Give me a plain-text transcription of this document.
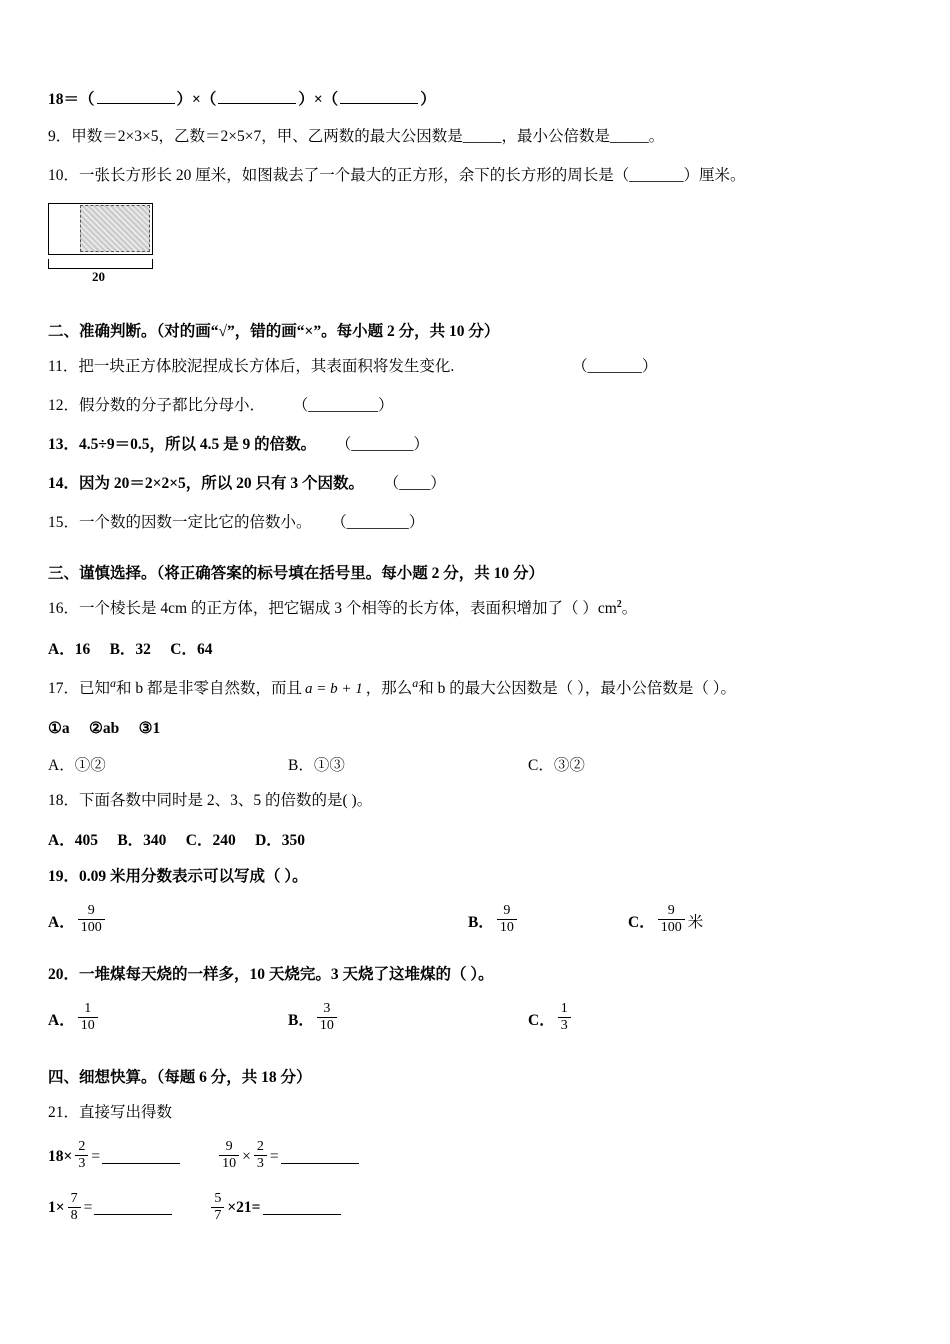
18＝（	）×（	）×（	）
9．甲数＝2×3×5，乙数＝2×5×7，甲、乙两数的最大公因数是_____，最小公倍数是_____。
10．一张长方形长 20 厘米，如图裁去了一个最大的正方形，余下的长方形的周长是（_______）厘米。
20
二、准确判断。（对的画“√”，错的画“×”。每小题 2 分，共 10 分）
11．把一块正方体胶泥捏成长方体后，其表面积将发生变化.	（_______）
12．假分数的分子都比分母小． （_________）
13．4.5÷9＝0.5，所以 4.5 是 9 的倍数。 （________）
14．因为 20＝2×2×5，所以 20 只有 3 个因数。 （____）
15．一个数的因数一定比它的倍数小。 （________）
三、谨慎选择。（将正确答案的标号填在括号里。每小题 2 分，共 10 分）
16．一个棱长是 4cm 的正方体，把它锯成 3 个相等的长方体，表面积增加了（ ）$cm^2$。
A．16　 B．32　 C．64
17．已知$^a$和 b 都是非零自然数，而且 a = b + 1 ，那么$^a$和 b 的最大公因数是（ ），最小公倍数是（ ）。
①a　 ②ab　 ③1
A．①②	B．①③	C．③②
18．下面各数中同时是 2、3、5 的倍数的是( )。
A．405　 B．340　 C．240　 D．350
19．0.09 米用分数表示可以写成（ ）。
A． $\frac{9}{100}$	B． $\frac{9}{10}$	C． $\frac{9}{100}$ 米
20．一堆煤每天烧的一样多，10 天烧完。3 天烧了这堆煤的（ ）。
A． $\frac{1}{10}$	B． $\frac{3}{10}$	C． $\frac{1}{3}$
四、细想快算。（每题 6 分，共 18 分）
21．直接写出得数
$18\times \frac{2}{3}$ =	$\frac{9}{10} \times \frac{2}{3}$ =
$1\times \frac{7}{8}$ =	$\frac{5}{7} \times 21=$
